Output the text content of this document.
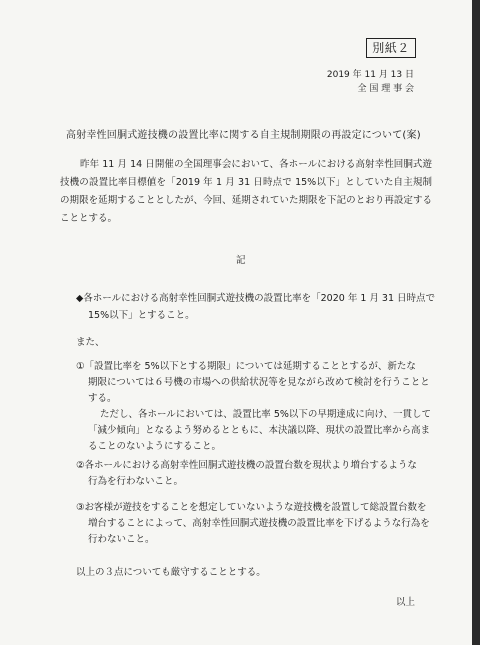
別紙２
2019 年 11 月 13 日
全 国 理 事 会
高射幸性回胴式遊技機の設置比率に関する自主規制期限の再設定について(案)
昨年 11 月 14 日開催の全国理事会において、各ホールにおける高射幸性回胴式遊技機の設置比率目標値を「2019 年 1 月 31 日時点で 15%以下」としていた自主規制の期限を延期することとしたが、今回、延期されていた期限を下記のとおり再設定することとする。
記
◆各ホールにおける高射幸性回胴式遊技機の設置比率を「2020 年 1 月 31 日時点で
15%以下」とすること。
また、
①「設置比率を 5%以下とする期限」については延期することとするが、新たな
期限については６号機の市場への供給状況等を見ながら改めて検討を行うこととする。
ただし、各ホールにおいては、設置比率 5%以下の早期達成に向け、一貫して「減少傾向」となるよう努めるとともに、本決議以降、現状の設置比率から高まることのないようにすること。
②各ホールにおける高射幸性回胴式遊技機の設置台数を現状より増台するような
行為を行わないこと。
③お客様が遊技をすることを想定していないような遊技機を設置して総設置台数を
増台することによって、高射幸性回胴式遊技機の設置比率を下げるような行為を行わないこと。
以上の３点についても厳守することとする。
以上
